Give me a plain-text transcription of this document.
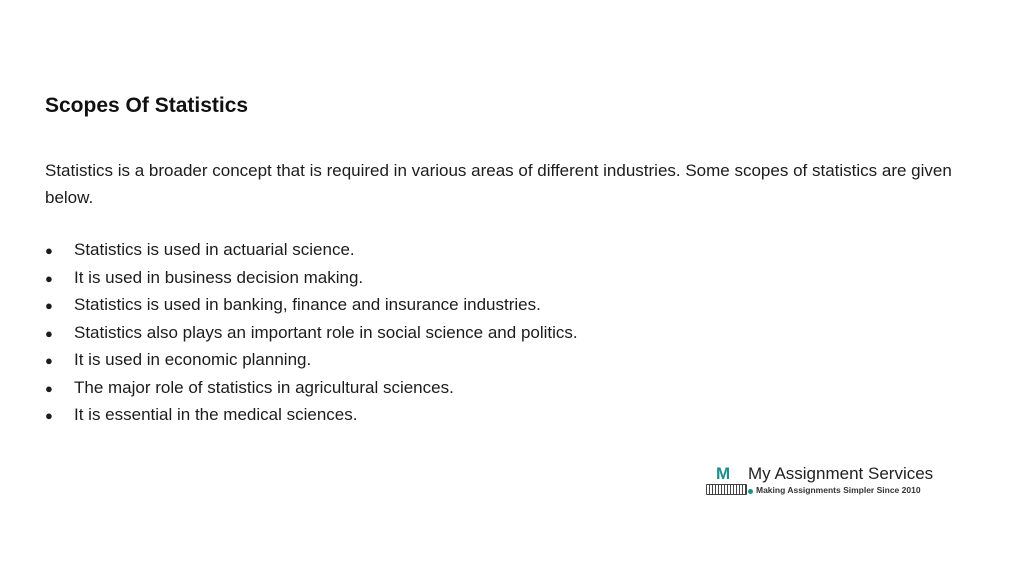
Scopes Of Statistics

Statistics is a broader concept that is required in various areas of different industries. Some scopes of statistics are given below.

●	Statistics is used in actuarial science.
●	It is used in business decision making.
●	Statistics is used in banking, finance and insurance industries.
●	Statistics also plays an important role in social science and politics.
●	It is used in economic planning.
●	The major role of statistics in agricultural sciences.
●	It is essential in the medical sciences.
M My Assignment Services
Making Assignments Simpler Since 2010
